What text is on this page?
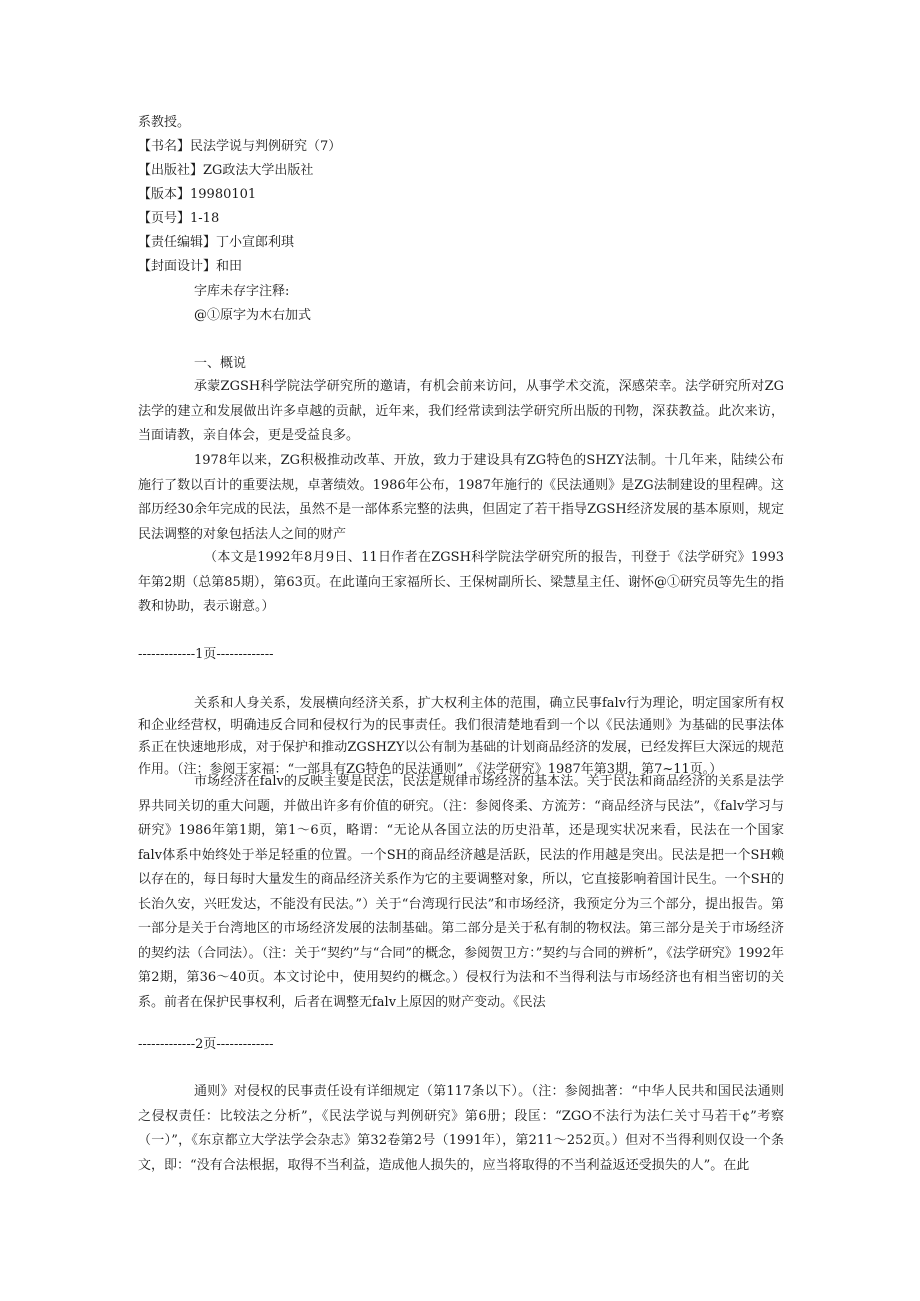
系教授。
【书名】民法学说与判例研究（7）
【出版社】ZG政法大学出版社
【版本】19980101
【页号】1-18
【责任编辑】丁小宣郎利琪
【封面设计】和田
字库未存字注释:
@①原字为木右加式
一、概说
承蒙ZGSH科学院法学研究所的邀请，有机会前来访问，从事学术交流，深感荣幸。法学研究所对ZG法学的建立和发展做出许多卓越的贡献，近年来，我们经常读到法学研究所出版的刊物，深获教益。此次来访，当面请教，亲自体会，更是受益良多。
1978年以来，ZG积极推动改革、开放，致力于建设具有ZG特色的SHZY法制。十几年来，陆续公布施行了数以百计的重要法规，卓著绩效。1986年公布，1987年施行的《民法通则》是ZG法制建设的里程碑。这部历经30余年完成的民法，虽然不是一部体系完整的法典，但固定了若干指导ZGSH经济发展的基本原则，规定民法调整的对象包括法人之间的财产
（本文是1992年8月9日、11日作者在ZGSH科学院法学研究所的报告，刊登于《法学研究》1993年第2期（总第85期），第63页。在此谨向王家福所长、王保树副所长、梁慧星主任、谢怀@①研究员等先生的指教和协助，表示谢意。）
-------------1页-------------
关系和人身关系，发展横向经济关系，扩大权利主体的范围，确立民事falv行为理论，明定国家所有权和企业经营权，明确违反合同和侵权行为的民事责任。我们很清楚地看到一个以《民法通则》为基础的民事法体系正在快速地形成，对于保护和推动ZGSHZY以公有制为基础的计划商品经济的发展，已经发挥巨大深远的规范作用。（注：参阅王家福：“一部具有ZG特色的民法通则”，《法学研究》1987年第3期，第7~11页。）
市场经济在falv的反映主要是民法，民法是规律市场经济的基本法。关于民法和商品经济的关系是法学界共同关切的重大问题，并做出许多有价值的研究。（注：参阅佟柔、方流芳：“商品经济与民法”，《falv学习与研究》1986年第1期，第1～6页，略谓：“无论从各国立法的历史沿革，还是现实状况来看，民法在一个国家falv体系中始终处于举足轻重的位置。一个SH的商品经济越是活跃，民法的作用越是突出。民法是把一个SH赖以存在的，每日每时大量发生的商品经济关系作为它的主要调整对象，所以，它直接影响着国计民生。一个SH的长治久安，兴旺发达，不能没有民法。”）关于“台湾现行民法”和市场经济，我预定分为三个部分，提出报告。第一部分是关于台湾地区的市场经济发展的法制基础。第二部分是关于私有制的物权法。第三部分是关于市场经济的契约法（合同法）。（注：关于“契约”与“合同”的概念，参阅贺卫方：”契约与合同的辨析”，《法学研究》1992年第2期，第36～40页。本文讨论中，使用契约的概念。）侵权行为法和不当得利法与市场经济也有相当密切的关系。前者在保护民事权利，后者在调整无falv上原因的财产变动。《民法
-------------2页-------------
通则》对侵权的民事责任设有详细规定（第117条以下）。（注：参阅拙著：“中华人民共和国民法通则之侵权责任：比较法之分析”，《民法学说与判例研究》第6册；段匡：“ZGO不法行为法仁关寸马若干¢”考察（一）”，《东京都立大学法学会杂志》第32卷第2号（1991年），第211～252页。）但对不当得利则仅设一个条文，即：“没有合法根据，取得不当利益，造成他人损失的，应当将取得的不当利益返还受损失的人”。在此
